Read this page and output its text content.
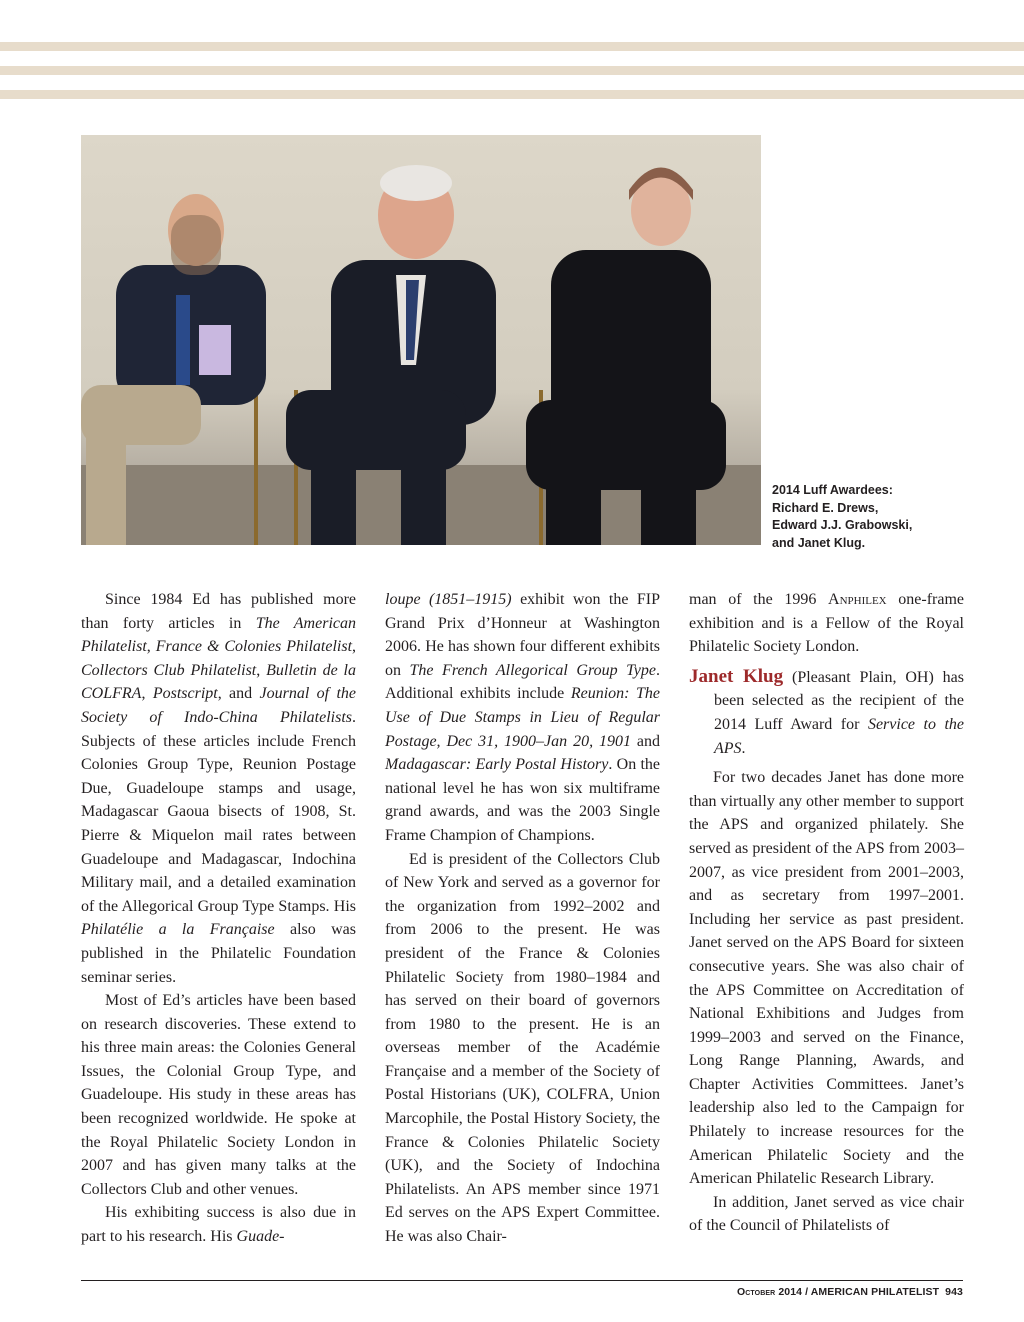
2014 Luff Awardees:
Richard E. Drews,
Edward J.J. Grabowski,
and Janet Klug.

Since 1984 Ed has published more than forty articles in The American Philatelist, France & Colonies Philatelist, Collectors Club Philatelist, Bulletin de la COLFRA, Postscript, and Journal of the Society of Indo-China Philatelists. Subjects of these articles include French Colonies Group Type, Reunion Postage Due, Guadeloupe stamps and usage, Madagascar Gaoua bisects of 1908, St. Pierre & Miquelon mail rates between Guadeloupe and Madagascar, Indochina Military mail, and a detailed examination of the Allegorical Group Type Stamps. His Philatélie a la Française also was published in the Philatelic Foundation seminar series.

Most of Ed’s articles have been based on research discoveries. These extend to his three main areas: the Colonies General Issues, the Colonial Group Type, and Guadeloupe. His study in these areas has been recognized worldwide. He spoke at the Royal Philatelic Society London in 2007 and has given many talks at the Collectors Club and other venues.

His exhibiting success is also due in part to his research. His Guade-

loupe (1851–1915) exhibit won the FIP Grand Prix d’Honneur at Washington 2006. He has shown four different exhibits on The French Allegorical Group Type. Additional exhibits include Reunion: The Use of Due Stamps in Lieu of Regular Postage, Dec 31, 1900–Jan 20, 1901 and Madagascar: Early Postal History. On the national level he has won six multiframe grand awards, and was the 2003 Single Frame Champion of Champions.

Ed is president of the Collectors Club of New York and served as a governor for the organization from 1992–2002 and from 2006 to the present. He was president of the France & Colonies Philatelic Society from 1980–1984 and has served on their board of governors from 1980 to the present. He is an overseas member of the Académie Française and a member of the Society of Postal Historians (UK), COLFRA, Union Marcophile, the Postal History Society, the France & Colonies Philatelic Society (UK), and the Society of Indochina Philatelists. An APS member since 1971 Ed serves on the APS Expert Committee. He was also Chair-

man of the 1996 Anphilex one-frame exhibition and is a Fellow of the Royal Philatelic Society London.

Janet Klug (Pleasant Plain, OH) has been selected as the recipient of the 2014 Luff Award for Service to the APS.

For two decades Janet has done more than virtually any other member to support the APS and organized philately. She served as president of the APS from 2003–2007, as vice president from 2001–2003, and as secretary from 1997–2001. Including her service as past president. Janet served on the APS Board for sixteen consecutive years. She was also chair of the APS Committee on Accreditation of National Exhibitions and Judges from 1999–2003 and served on the Finance, Long Range Planning, Awards, and Chapter Activities Committees. Janet’s leadership also led to the Campaign for Philately to increase resources for the American Philatelic Society and the American Philatelic Research Library.

In addition, Janet served as vice chair of the Council of Philatelists of

October 2014 / AMERICAN PHILATELIST 943
